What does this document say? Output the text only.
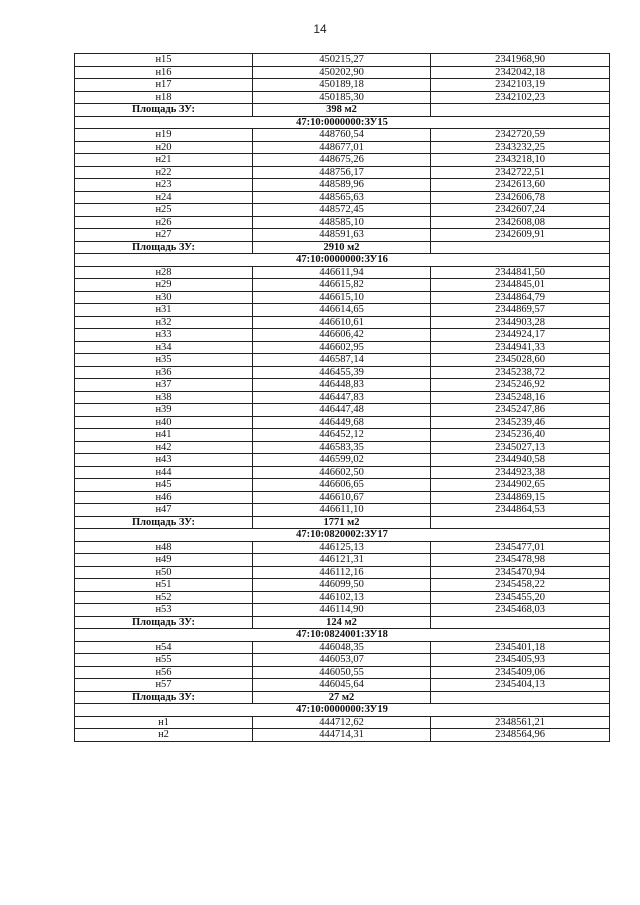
14
н15	450215,27	2341968,90
н16	450202,90	2342042,18
н17	450189,18	2342103,19
н18	450185,30	2342102,23
Площадь ЗУ:	398 м2	
47:10:0000000:ЗУ15		
н19	448760,54	2342720,59
н20	448677,01	2343232,25
н21	448675,26	2343218,10
н22	448756,17	2342722,51
н23	448589,96	2342613,60
н24	448565,63	2342606,78
н25	448572,45	2342607,24
н26	448585,10	2342608,08
н27	448591,63	2342609,91
Площадь ЗУ:	2910 м2	
47:10:0000000:ЗУ16		
н28	446611,94	2344841,50
н29	446615,82	2344845,01
н30	446615,10	2344864,79
н31	446614,65	2344869,57
н32	446610,61	2344903,28
н33	446606,42	2344924,17
н34	446602,95	2344941,33
н35	446587,14	2345028,60
н36	446455,39	2345238,72
н37	446448,83	2345246,92
н38	446447,83	2345248,16
н39	446447,48	2345247,86
н40	446449,68	2345239,46
н41	446452,12	2345236,40
н42	446583,35	2345027,13
н43	446599,02	2344940,58
н44	446602,50	2344923,38
н45	446606,65	2344902,65
н46	446610,67	2344869,15
н47	446611,10	2344864,53
Площадь ЗУ:	1771 м2	
47:10:0820002:ЗУ17		
н48	446125,13	2345477,01
н49	446121,31	2345478,98
н50	446112,16	2345470,94
н51	446099,50	2345458,22
н52	446102,13	2345455,20
н53	446114,90	2345468,03
Площадь ЗУ:	124 м2	
47:10:0824001:ЗУ18		
н54	446048,35	2345401,18
н55	446053,07	2345405,93
н56	446050,55	2345409,06
н57	446045,64	2345404,13
Площадь ЗУ:	27 м2	
47:10:0000000:ЗУ19		
н1	444712,62	2348561,21
н2	444714,31	2348564,96
